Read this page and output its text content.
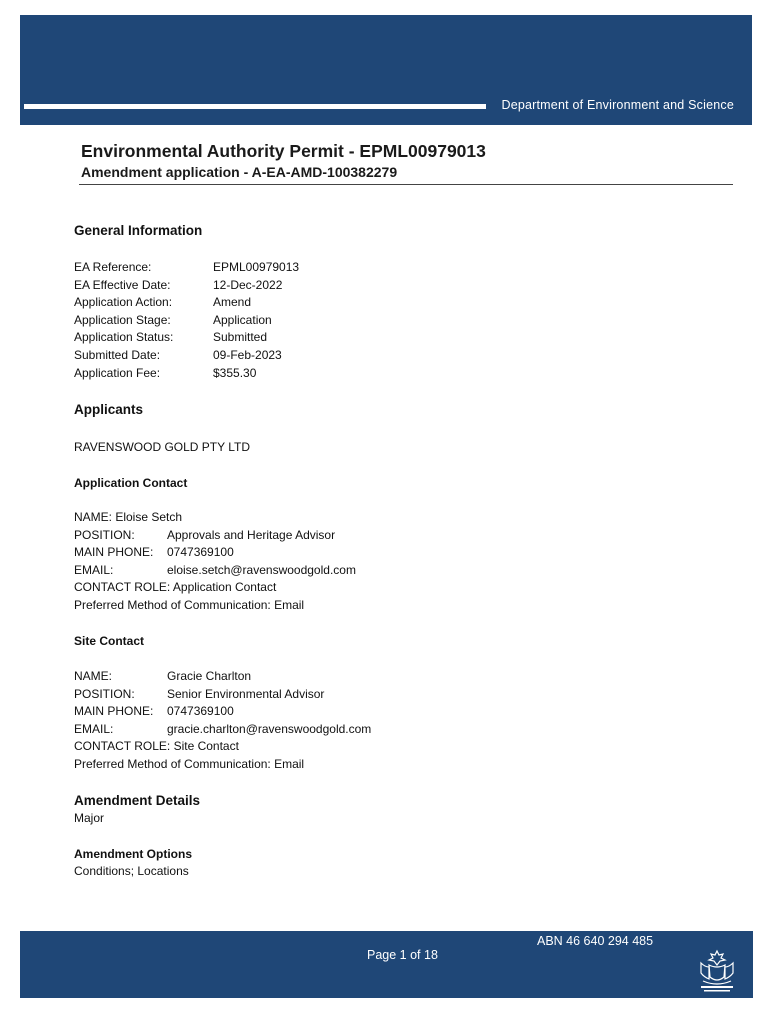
Department of Environment and Science
Environmental Authority Permit - EPML00979013
Amendment application - A-EA-AMD-100382279
General Information
EA Reference:	EPML00979013
EA Effective Date:	12-Dec-2022
Application Action:	Amend
Application Stage:	Application
Application Status:	Submitted
Submitted Date:	09-Feb-2023
Application Fee:	$355.30
Applicants
RAVENSWOOD GOLD PTY LTD
Application Contact
NAME: Eloise Setch
POSITION:	Approvals and Heritage Advisor
MAIN PHONE:	0747369100
EMAIL:	eloise.setch@ravenswoodgold.com
CONTACT ROLE: Application Contact
Preferred Method of Communication: Email
Site Contact
NAME:	Gracie Charlton
POSITION:	Senior Environmental Advisor
MAIN PHONE:	0747369100
EMAIL:	gracie.charlton@ravenswoodgold.com
CONTACT ROLE: Site Contact
Preferred Method of Communication: Email
Amendment Details
Major
Amendment Options
Conditions; Locations
ABN 46 640 294 485
Page 1 of 18
